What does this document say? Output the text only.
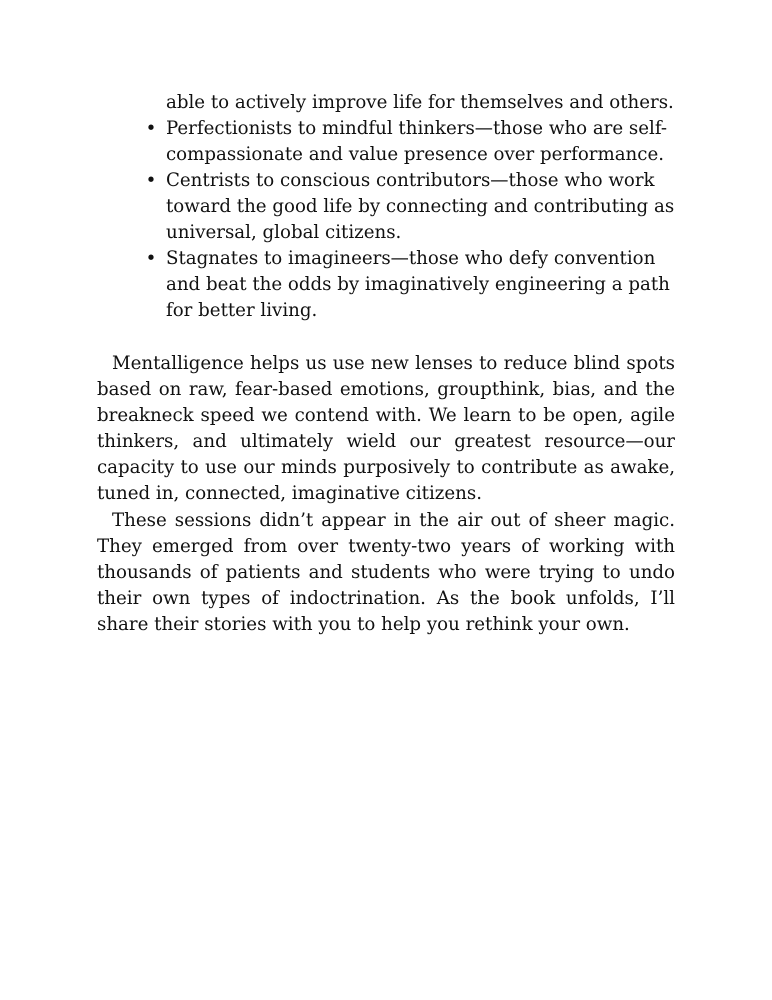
able to actively improve life for themselves and others.

• Perfectionists to mindful thinkers—those who are self-compassionate and value presence over performance.
• Centrists to conscious contributors—those who work toward the good life by connecting and contributing as universal, global citizens.
• Stagnates to imagineers—those who defy convention and beat the odds by imaginatively engineering a path for better living.

Mentalligence helps us use new lenses to reduce blind spots based on raw, fear-based emotions, groupthink, bias, and the breakneck speed we contend with. We learn to be open, agile thinkers, and ultimately wield our greatest resource—our capacity to use our minds purposively to contribute as awake, tuned in, connected, imaginative citizens.

These sessions didn’t appear in the air out of sheer magic. They emerged from over twenty-two years of working with thousands of patients and students who were trying to undo their own types of indoctrination. As the book unfolds, I’ll share their stories with you to help you rethink your own.
